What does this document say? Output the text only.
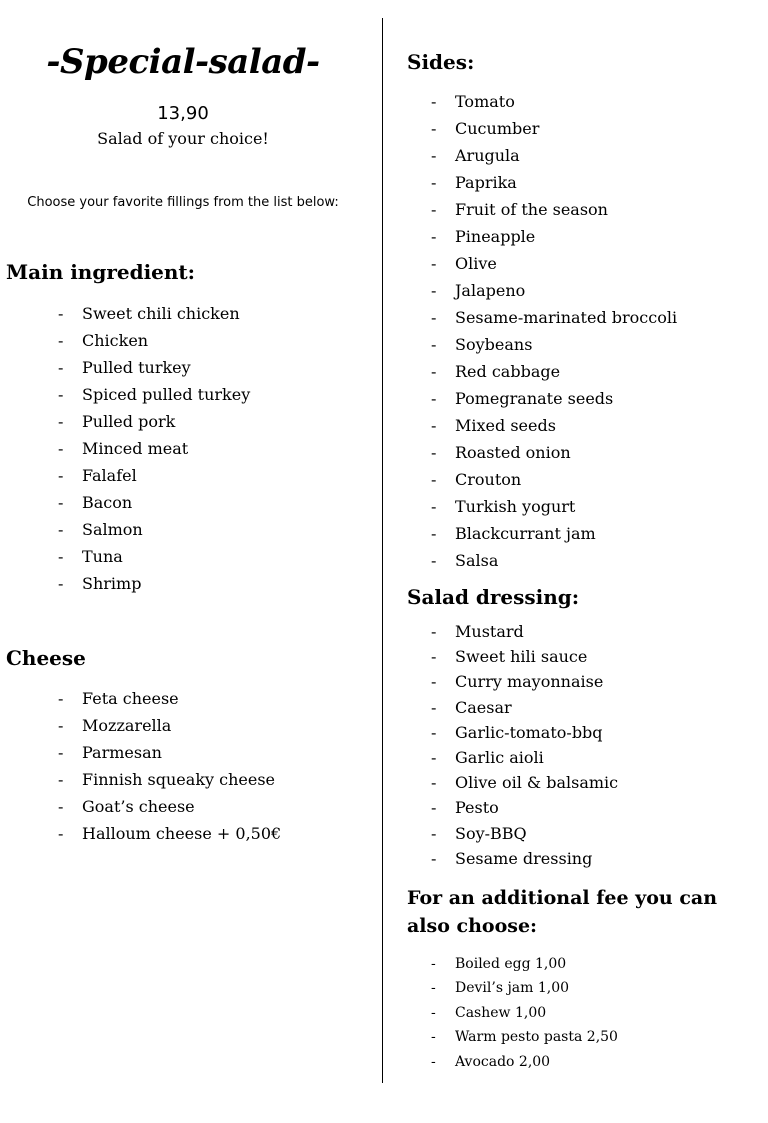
-Special-salad-
13,90
Salad of your choice!
Choose your favorite fillings from the list below:
Main ingredient:
- Sweet chili chicken
- Chicken
- Pulled turkey
- Spiced pulled turkey
- Pulled pork
- Minced meat
- Falafel
- Bacon
- Salmon
- Tuna
- Shrimp
Cheese
- Feta cheese
- Mozzarella
- Parmesan
- Finnish squeaky cheese
- Goat’s cheese
- Halloum cheese + 0,50€
Sides:
- Tomato
- Cucumber
- Arugula
- Paprika
- Fruit of the season
- Pineapple
- Olive
- Jalapeno
- Sesame-marinated broccoli
- Soybeans
- Red cabbage
- Pomegranate seeds
- Mixed seeds
- Roasted onion
- Crouton
- Turkish yogurt
- Blackcurrant jam
- Salsa
Salad dressing:
- Mustard
- Sweet hili sauce
- Curry mayonnaise
- Caesar
- Garlic-tomato-bbq
- Garlic aioli
- Olive oil & balsamic
- Pesto
- Soy-BBQ
- Sesame dressing
For an additional fee you can also choose:
- Boiled egg 1,00
- Devil’s jam 1,00
- Cashew 1,00
- Warm pesto pasta 2,50
- Avocado 2,00
